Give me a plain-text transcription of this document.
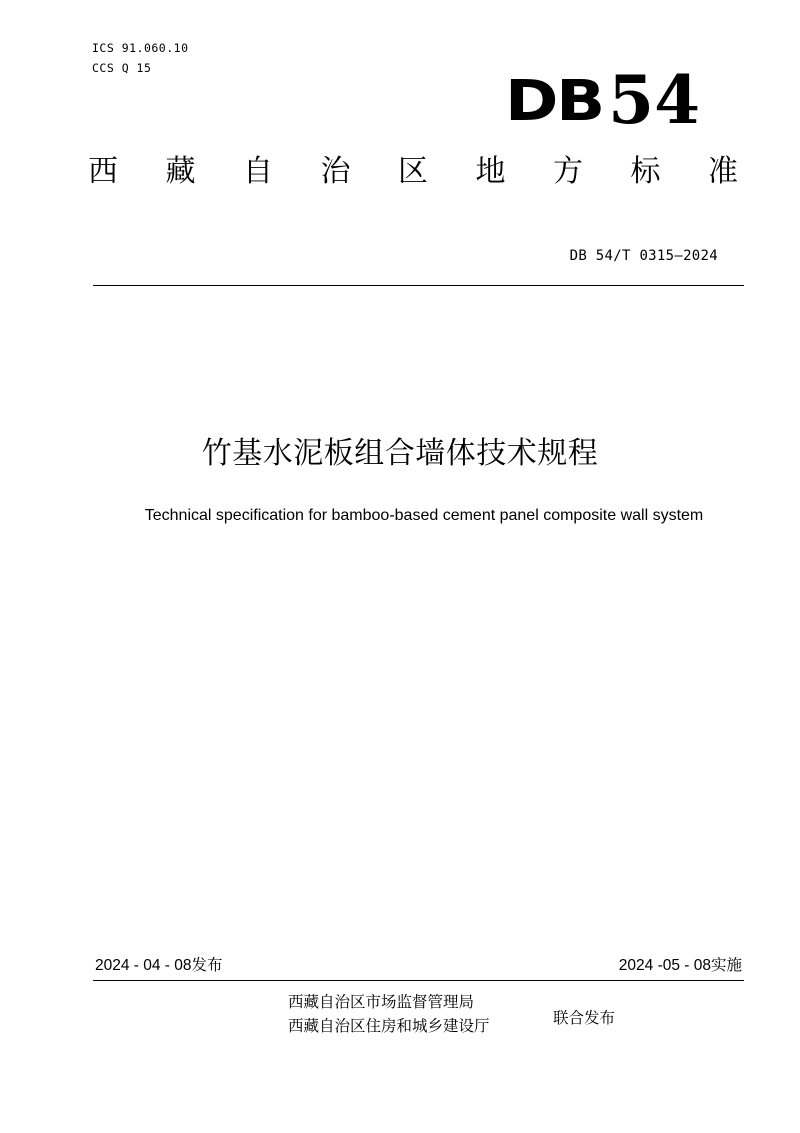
ICS 91.060.10
CCS Q 15
DB 54
西 藏 自 治 区 地 方 标 准
DB 54/T 0315—2024
竹基水泥板组合墙体技术规程
Technical specification for bamboo-based cement panel composite wall system
2024 - 04 - 08发布	2024 -05 - 08实施
西藏自治区市场监督管理局
西藏自治区住房和城乡建设厅	联合发布
